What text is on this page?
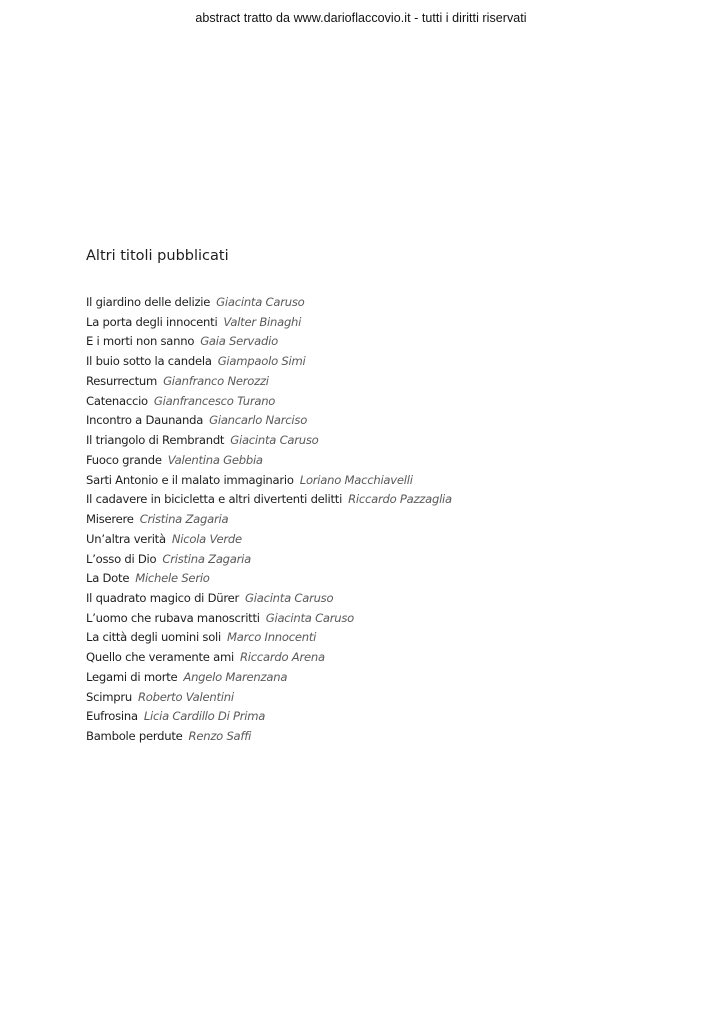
abstract tratto da www.darioflaccovio.it - tutti i diritti riservati
Altri titoli pubblicati
Il giardino delle delizie Giacinta Caruso
La porta degli innocenti Valter Binaghi
E i morti non sanno Gaia Servadio
Il buio sotto la candela Giampaolo Simi
Resurrectum Gianfranco Nerozzi
Catenaccio Gianfrancesco Turano
Incontro a Daunanda Giancarlo Narciso
Il triangolo di Rembrandt Giacinta Caruso
Fuoco grande Valentina Gebbia
Sarti Antonio e il malato immaginario Loriano Macchiavelli
Il cadavere in bicicletta e altri divertenti delitti Riccardo Pazzaglia
Miserere Cristina Zagaria
Un’altra verità Nicola Verde
L’osso di Dio Cristina Zagaria
La Dote Michele Serio
Il quadrato magico di Dürer Giacinta Caruso
L’uomo che rubava manoscritti Giacinta Caruso
La città degli uomini soli Marco Innocenti
Quello che veramente ami Riccardo Arena
Legami di morte Angelo Marenzana
Scimpru Roberto Valentini
Eufrosina Licia Cardillo Di Prima
Bambole perdute Renzo Saffi
